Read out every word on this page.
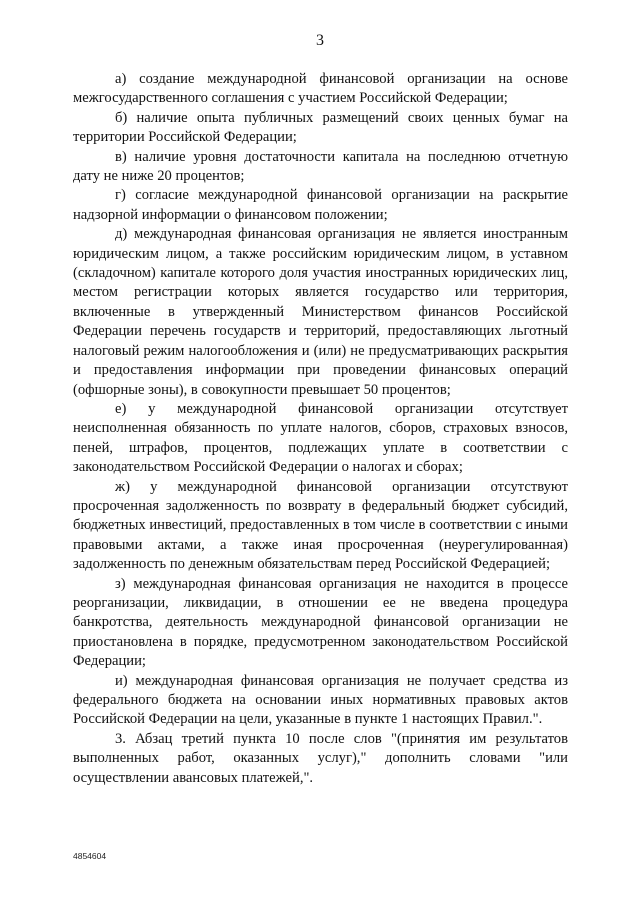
3

а) создание международной финансовой организации на основе межгосударственного соглашения с участием Российской Федерации;

б) наличие опыта публичных размещений своих ценных бумаг на территории Российской Федерации;

в) наличие уровня достаточности капитала на последнюю отчетную дату не ниже 20 процентов;

г) согласие международной финансовой организации на раскрытие надзорной информации о финансовом положении;

д) международная финансовая организация не является иностранным юридическим лицом, а также российским юридическим лицом, в уставном (складочном) капитале которого доля участия иностранных юридических лиц, местом регистрации которых является государство или территория, включенные в утвержденный Министерством финансов Российской Федерации перечень государств и территорий, предоставляющих льготный налоговый режим налогообложения и (или) не предусматривающих раскрытия и предоставления информации при проведении финансовых операций (офшорные зоны), в совокупности превышает 50 процентов;

е) у международной финансовой организации отсутствует неисполненная обязанность по уплате налогов, сборов, страховых взносов, пеней, штрафов, процентов, подлежащих уплате в соответствии с законодательством Российской Федерации о налогах и сборах;

ж) у международной финансовой организации отсутствуют просроченная задолженность по возврату в федеральный бюджет субсидий, бюджетных инвестиций, предоставленных в том числе в соответствии с иными правовыми актами, а также иная просроченная (неурегулированная) задолженность по денежным обязательствам перед Российской Федерацией;

з) международная финансовая организация не находится в процессе реорганизации, ликвидации, в отношении ее не введена процедура банкротства, деятельность международной финансовой организации не приостановлена в порядке, предусмотренном законодательством Российской Федерации;

и) международная финансовая организация не получает средства из федерального бюджета на основании иных нормативных правовых актов Российской Федерации на цели, указанные в пункте 1 настоящих Правил.".

3. Абзац третий пункта 10 после слов "(принятия им результатов выполненных работ, оказанных услуг)," дополнить словами "или осуществлении авансовых платежей,".

4854604
